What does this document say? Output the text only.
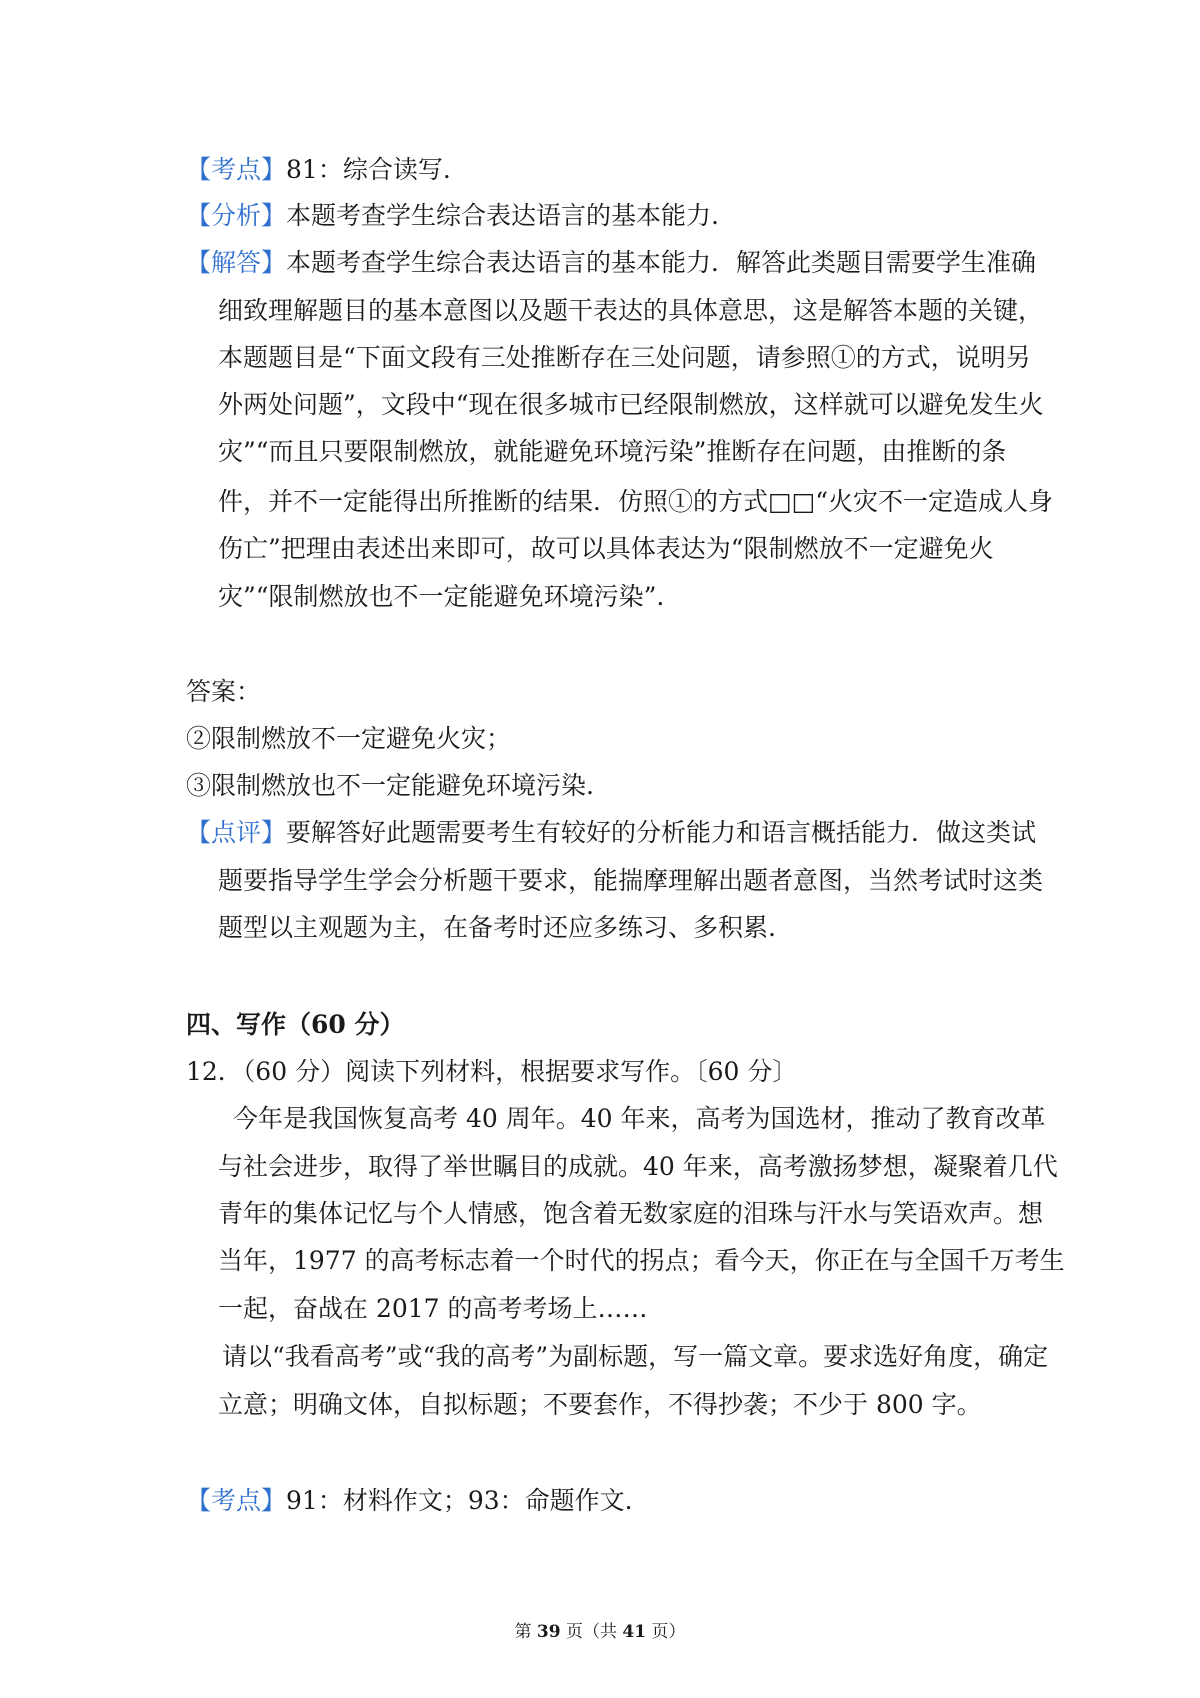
【考点】81：综合读写.
【分析】本题考查学生综合表达语言的基本能力.
【解答】本题考查学生综合表达语言的基本能力．解答此类题目需要学生准确
细致理解题目的基本意图以及题干表达的具体意思，这是解答本题的关键，
本题题目是“下面文段有三处推断存在三处问题，请参照①的方式，说明另
外两处问题”，文段中“现在很多城市已经限制燃放，这样就可以避免发生火
灾”“而且只要限制燃放，就能避免环境污染”推断存在问题，由推断的条
件，并不一定能得出所推断的结果．仿照①的方式□□“火灾不一定造成人身
伤亡”把理由表述出来即可，故可以具体表达为“限制燃放不一定避免火
灾”“限制燃放也不一定能避免环境污染”.
答案：
②限制燃放不一定避免火灾；
③限制燃放也不一定能避免环境污染.
【点评】要解答好此题需要考生有较好的分析能力和语言概括能力．做这类试
题要指导学生学会分析题干要求，能揣摩理解出题者意图，当然考试时这类
题型以主观题为主，在备考时还应多练习、多积累.
四、写作（60 分）
12．（60 分）阅读下列材料，根据要求写作。〔60 分〕
今年是我国恢复高考 40 周年。40 年来，高考为国选材，推动了教育改革
与社会进步，取得了举世瞩目的成就。40 年来，高考激扬梦想，凝聚着几代
青年的集体记忆与个人情感，饱含着无数家庭的泪珠与汗水与笑语欢声。想
当年，1977 的高考标志着一个时代的拐点；看今天，你正在与全国千万考生
一起，奋战在 2017 的高考考场上……
请以“我看高考”或“我的高考”为副标题，写一篇文章。要求选好角度，确定
立意；明确文体，自拟标题；不要套作，不得抄袭；不少于 800 字。
【考点】91：材料作文；93：命题作文.
第 39 页（共 41 页）
